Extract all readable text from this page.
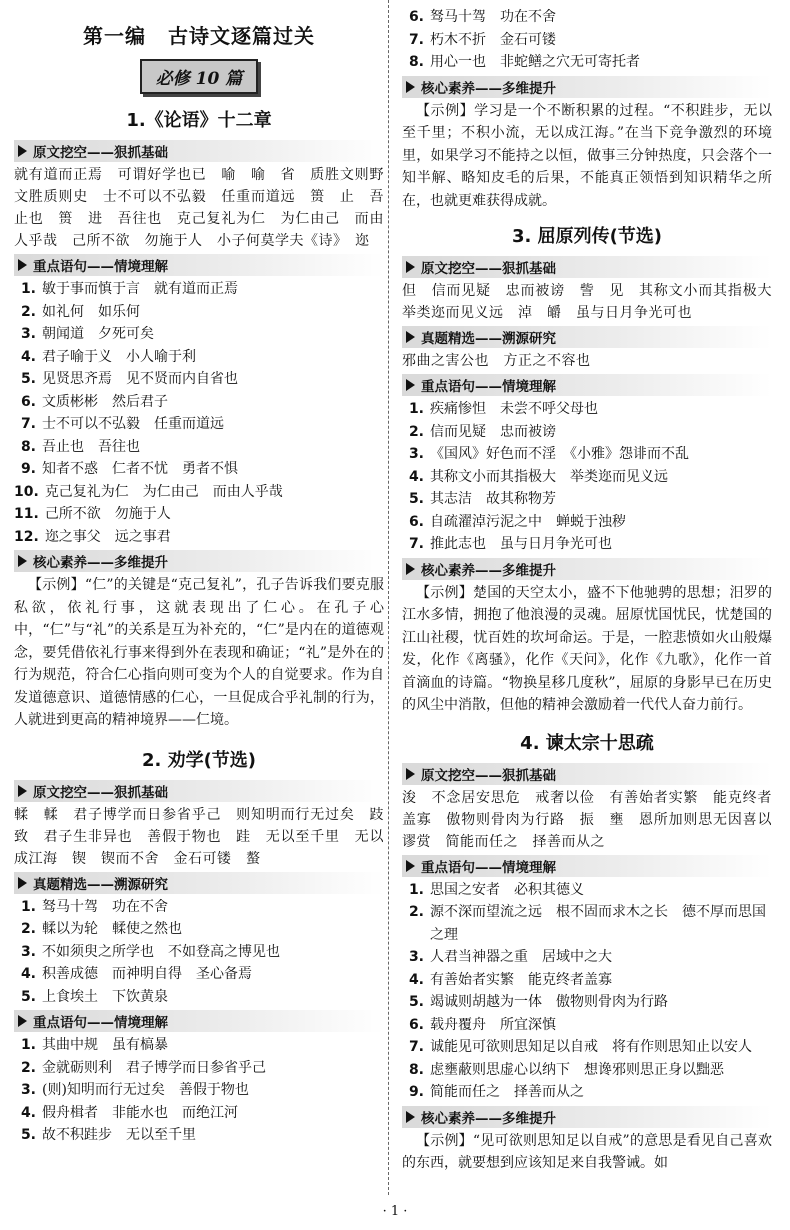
第一编 古诗文逐篇过关
必修 10 篇
1.《论语》十二章
原文挖空——狠抓基础

就有道而正焉　可谓好学也已　喻　喻　省　质胜文则野　文胜质则史　士不可以不弘毅　任重而道远　篑　止　吾止也　篑　进　吾往也　克己复礼为仁　为仁由己　而由人乎哉　己所不欲　勿施于人　小子何莫学夫《诗》　迩

重点语句——情境理解
1. 敏于事而慎于言　就有道而正焉
2. 如礼何　如乐何
3. 朝闻道　夕死可矣
4. 君子喻于义　小人喻于利
5. 见贤思齐焉　见不贤而内自省也
6. 文质彬彬　然后君子
7. 士不可以不弘毅　任重而道远
8. 吾止也　吾往也
9. 知者不惑　仁者不忧　勇者不惧
10. 克己复礼为仁　为仁由己　而由人乎哉
11. 己所不欲　勿施于人
12. 迩之事父　远之事君
核心素养——多维提升

【示例】“仁”的关键是“克己复礼”，孔子告诉我们要克服私欲，依礼行事，这就表现出了仁心。在孔子心中，“仁”与“礼”的关系是互为补充的，“仁”是内在的道德观念，要凭借依礼行事来得到外在表现和确证；“礼”是外在的行为规范，符合仁心指向则可变为个人的自觉要求。作为自发道德意识、道德情感的仁心，一旦促成合乎礼制的行为，人就进到更高的精神境界——仁境。

2. 劝学(节选)
原文挖空——狠抓基础

輮　輮　君子博学而日参省乎己　则知明而行无过矣　跂　致　君子生非异也　善假于物也　跬　无以至千里　无以成江海　锲　锲而不舍　金石可镂　螯

真题精选——溯源研究
1. 驽马十驾　功在不舍
2. 輮以为轮　輮使之然也
3. 不如须臾之所学也　不如登高之博见也
4. 积善成德　而神明自得　圣心备焉
5. 上食埃土　下饮黄泉
重点语句——情境理解
1. 其曲中规　虽有槁暴
2. 金就砺则利　君子博学而日参省乎己
3. (则)知明而行无过矣　善假于物也
4. 假舟楫者　非能水也　而绝江河
5. 故不积跬步　无以至千里
6. 驽马十驾　功在不舍
7. 朽木不折　金石可镂
8. 用心一也　非蛇鳝之穴无可寄托者
核心素养——多维提升

【示例】学习是一个不断积累的过程。“不积跬步，无以至千里；不积小流，无以成江海。”在当下竞争激烈的环境里，如果学习不能持之以恒，做事三分钟热度，只会落个一知半解、略知皮毛的后果，不能真正领悟到知识精华之所在，也就更难获得成就。

3. 屈原列传(节选)
原文挖空——狠抓基础

但　信而见疑　忠而被谤　訾　见　其称文小而其指极大　举类迩而见义远　淖　皭　虽与日月争光可也

真题精选——溯源研究

邪曲之害公也　方正之不容也

重点语句——情境理解
1. 疾痛惨怛　未尝不呼父母也
2. 信而见疑　忠而被谤
3. 《国风》好色而不淫　《小雅》怨诽而不乱
4. 其称文小而其指极大　举类迩而见义远
5. 其志洁　故其称物芳
6. 自疏濯淖污泥之中　蝉蜕于浊秽
7. 推此志也　虽与日月争光可也
核心素养——多维提升

【示例】楚国的天空太小，盛不下他驰骋的思想；汨罗的江水多情，拥抱了他浪漫的灵魂。屈原忧国忧民，忧楚国的江山社稷，忧百姓的坎坷命运。于是，一腔悲愤如火山般爆发，化作《离骚》，化作《天问》，化作《九歌》，化作一首首滴血的诗篇。“物换星移几度秋”，屈原的身影早已在历史的风尘中消散，但他的精神会激励着一代代人奋力前行。

4. 谏太宗十思疏
原文挖空——狠抓基础

浚　不念居安思危　戒奢以俭　有善始者实繁　能克终者盖寡　傲物则骨肉为行路　振　壅　恩所加则思无因喜以谬赏　简能而任之　择善而从之

重点语句——情境理解
1. 思国之安者　必积其德义
2. 源不深而望流之远　根不固而求木之长　德不厚而思国之理
3. 人君当神器之重　居域中之大
4. 有善始者实繁　能克终者盖寡
5. 竭诚则胡越为一体　傲物则骨肉为行路
6. 载舟覆舟　所宜深慎
7. 诚能见可欲则思知足以自戒　将有作则思知止以安人
8. 虑壅蔽则思虚心以纳下　想谗邪则思正身以黜恶
9. 简能而任之　择善而从之
核心素养——多维提升

【示例】“见可欲则思知足以自戒”的意思是看见自己喜欢的东西，就要想到应该知足来自我警诫。如

· 1 ·
